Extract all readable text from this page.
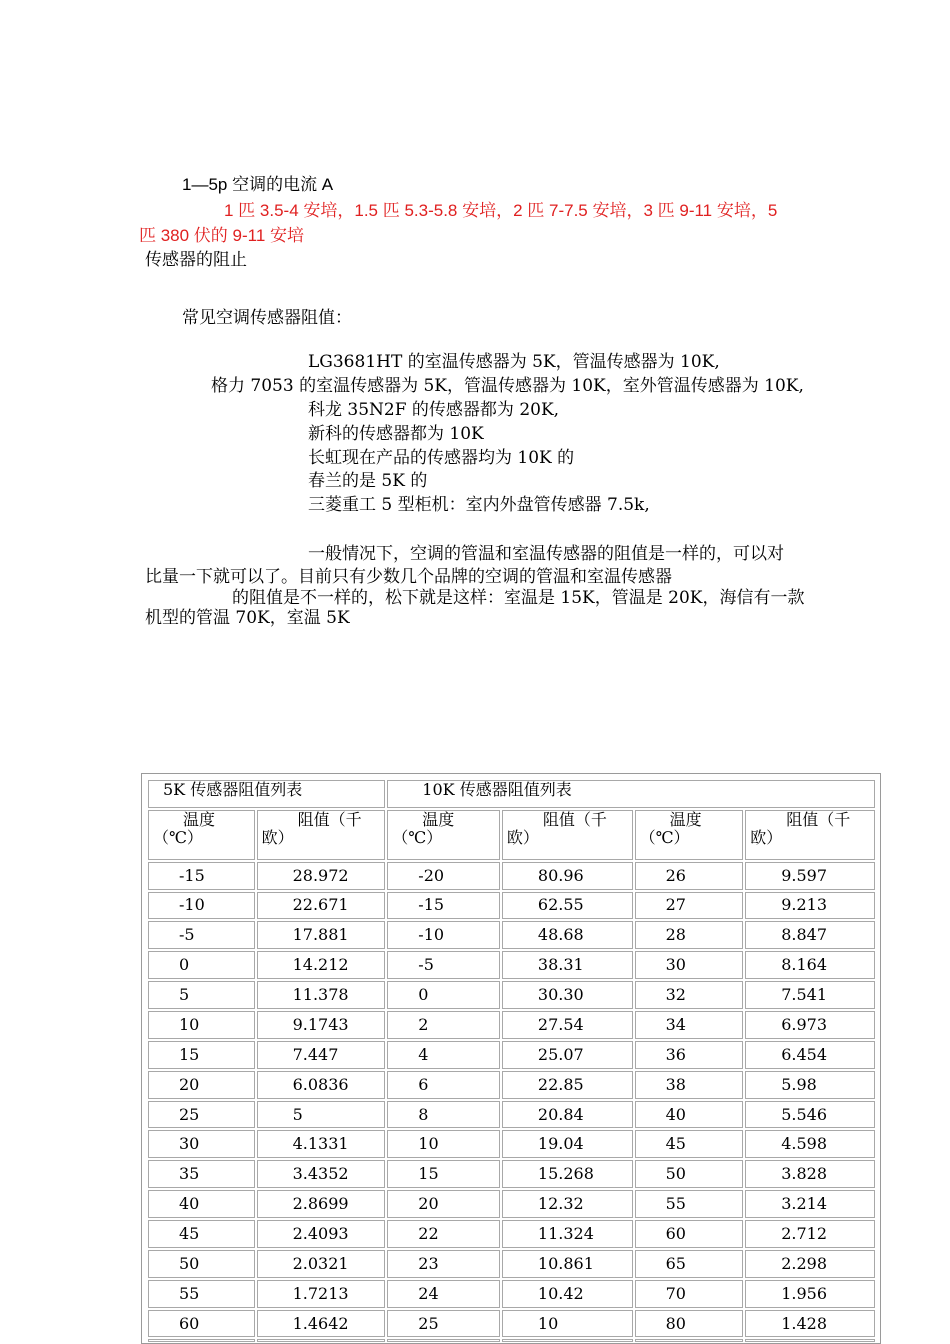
1—5p 空调的电流 A
1 匹 3.5-4 安培，1.5 匹 5.3-5.8 安培，2 匹 7-7.5 安培，3 匹 9-11 安培，5
匹 380 伏的 9-11 安培
传感器的阻止
常见空调传感器阻值：
LG3681HT 的室温传感器为 5K，管温传感器为 10K,
格力 7053 的室温传感器为 5K，管温传感器为 10K，室外管温传感器为 10K,
科龙 35N2F 的传感器都为 20K,
新科的传感器都为 10K
长虹现在产品的传感器均为 10K 的
春兰的是 5K 的
三菱重工 5 型柜机：室内外盘管传感器 7.5k,
一般情况下，空调的管温和室温传感器的阻值是一样的，可以对
比量一下就可以了。目前只有少数几个品牌的空调的管温和室温传感器
的阻值是不一样的，松下就是这样：室温是 15K，管温是 20K，海信有一款
机型的管温 70K，室温 5K
5K 传感器阻值列表		10K 传感器阻值列表			

温度
（℃）	阻值（千
欧）	温度
（℃）	阻值（千
欧）	温度
（℃）	阻值（千
欧）
-15	28.972	-20	80.96	26	9.597
-10	22.671	-15	62.55	27	9.213
-5	17.881	-10	48.68	28	8.847
0	14.212	-5	38.31	30	8.164
5	11.378	0	30.30	32	7.541
10	9.1743	2	27.54	34	6.973
15	7.447	4	25.07	36	6.454
20	6.0836	6	22.85	38	5.98
25	5	8	20.84	40	5.546
30	4.1331	10	19.04	45	4.598
35	3.4352	15	15.268	50	3.828
40	2.8699	20	12.32	55	3.214
45	2.4093	22	11.324	60	2.712
50	2.0321	23	10.861	65	2.298
55	1.7213	24	10.42	70	1.956
60	1.4642	25	10	80	1.428
